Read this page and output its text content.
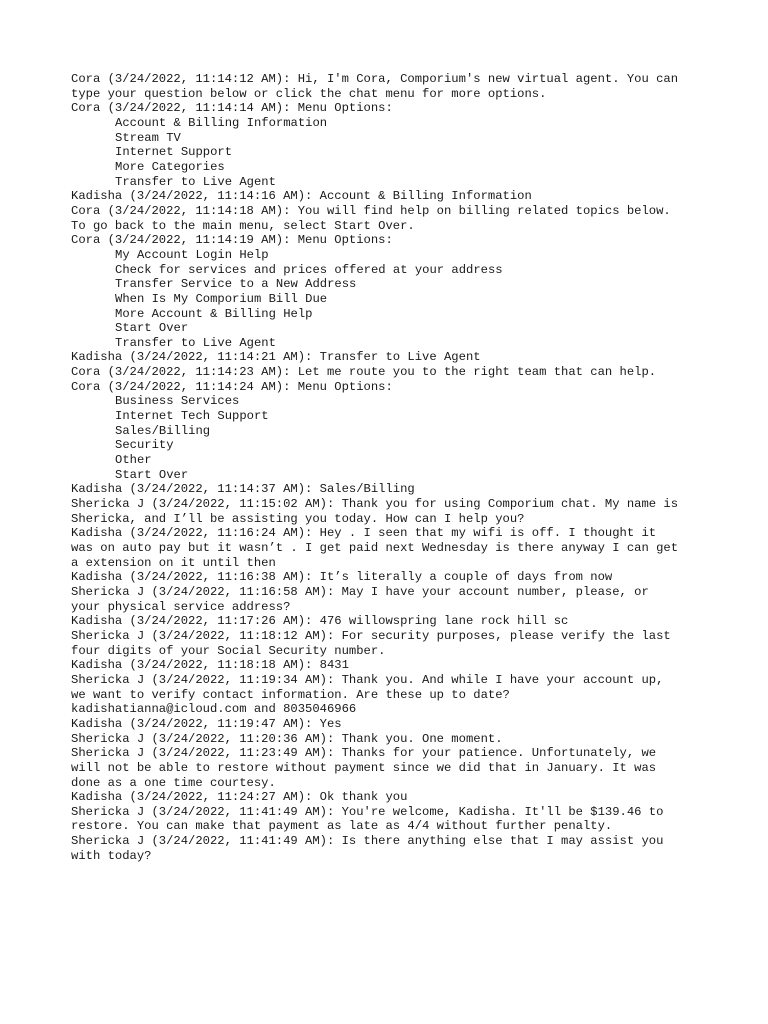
Cora (3/24/2022, 11:14:12 AM): Hi, I'm Cora, Comporium's new virtual agent. You can
type your question below or click the chat menu for more options.
Cora (3/24/2022, 11:14:14 AM): Menu Options:
Account & Billing Information
Stream TV
Internet Support
More Categories
Transfer to Live Agent
Kadisha (3/24/2022, 11:14:16 AM): Account & Billing Information
Cora (3/24/2022, 11:14:18 AM): You will find help on billing related topics below.
To go back to the main menu, select Start Over.
Cora (3/24/2022, 11:14:19 AM): Menu Options:
My Account Login Help
Check for services and prices offered at your address
Transfer Service to a New Address
When Is My Comporium Bill Due
More Account & Billing Help
Start Over
Transfer to Live Agent
Kadisha (3/24/2022, 11:14:21 AM): Transfer to Live Agent
Cora (3/24/2022, 11:14:23 AM): Let me route you to the right team that can help.
Cora (3/24/2022, 11:14:24 AM): Menu Options:
Business Services
Internet Tech Support
Sales/Billing
Security
Other
Start Over
Kadisha (3/24/2022, 11:14:37 AM): Sales/Billing
Shericka J (3/24/2022, 11:15:02 AM): Thank you for using Comporium chat. My name is
Shericka, and I’ll be assisting you today. How can I help you?
Kadisha (3/24/2022, 11:16:24 AM): Hey . I seen that my wifi is off. I thought it
was on auto pay but it wasn’t . I get paid next Wednesday is there anyway I can get
a extension on it until then
Kadisha (3/24/2022, 11:16:38 AM): It’s literally a couple of days from now
Shericka J (3/24/2022, 11:16:58 AM): May I have your account number, please, or
your physical service address?
Kadisha (3/24/2022, 11:17:26 AM): 476 willowspring lane rock hill sc
Shericka J (3/24/2022, 11:18:12 AM): For security purposes, please verify the last
four digits of your Social Security number.
Kadisha (3/24/2022, 11:18:18 AM): 8431
Shericka J (3/24/2022, 11:19:34 AM): Thank you. And while I have your account up,
we want to verify contact information. Are these up to date?
kadishatianna@icloud.com and 8035046966
Kadisha (3/24/2022, 11:19:47 AM): Yes
Shericka J (3/24/2022, 11:20:36 AM): Thank you. One moment.
Shericka J (3/24/2022, 11:23:49 AM): Thanks for your patience. Unfortunately, we
will not be able to restore without payment since we did that in January. It was
done as a one time courtesy.
Kadisha (3/24/2022, 11:24:27 AM): Ok thank you
Shericka J (3/24/2022, 11:41:49 AM): You're welcome, Kadisha. It'll be $139.46 to
restore. You can make that payment as late as 4/4 without further penalty.
Shericka J (3/24/2022, 11:41:49 AM): Is there anything else that I may assist you
with today?
